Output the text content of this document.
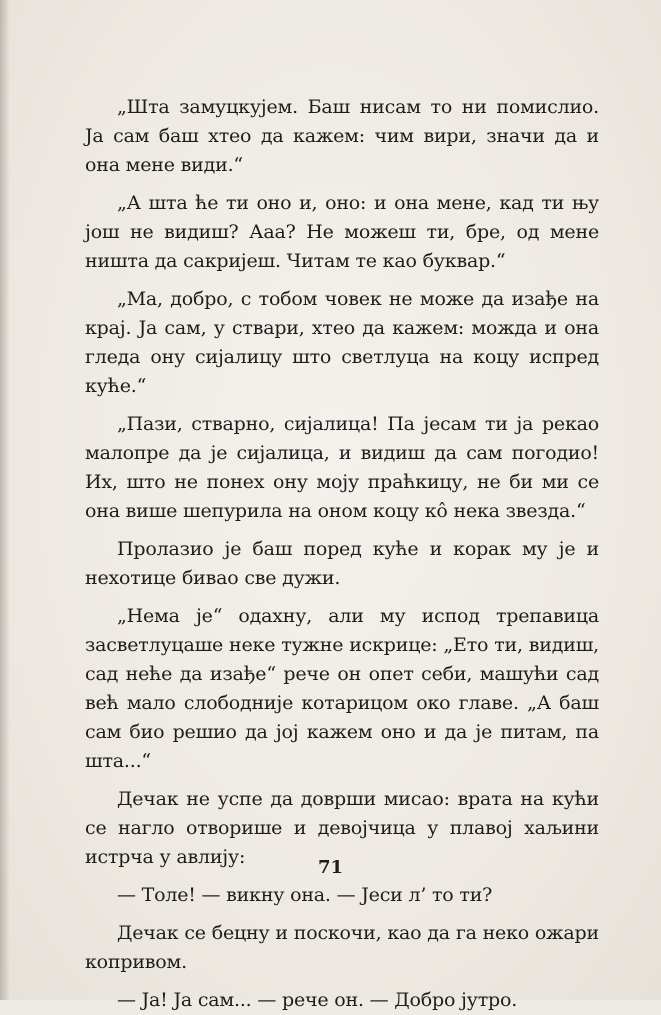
„Шта замуцкујем. Баш нисам то ни помислио. Ја сам баш хтео да кажем: чим вири, значи да и она мене види.“

„А шта ће ти оно и, оно: и она мене, кад ти њу још не видиш? Ааа? Не можеш ти, бре, од мене ништа да сакријеш. Читам те као буквар.“

„Ма, добро, с тобом човек не може да изађе на крај. Ја сам, у ствари, хтео да кажем: можда и она гледа ону сијалицу што светлуца на коцу испред куће.“

„Пази, стварно, сијалица! Па јесам ти ја рекао малопре да је сијалица, и видиш да сам погодио! Их, што не понех ону моју праћкицу, не би ми се она више шепурила на оном коцу кô нека звезда.“

Пролазио је баш поред куће и корак му је и нехотице бивао све дужи.

„Нема је“ одахну, али му испод трепавица засветлуцаше неке тужне искрице: „Ето ти, видиш, сад неће да изађе“ рече он опет себи, машући сад већ мало слободније котарицом око главе. „А баш сам био решио да јој кажем оно и да је питам, па шта...“

Дечак не успе да доврши мисао: врата на кући се нагло отворише и девојчица у плавој хаљини истрча у авлију:

— Толе! — викну она. — Јеси л’ то ти?

Дечак се бецну и поскочи, као да га неко ожари копривом.

— Ја! Ја сам... — рече он. — Добро јутро.

71
